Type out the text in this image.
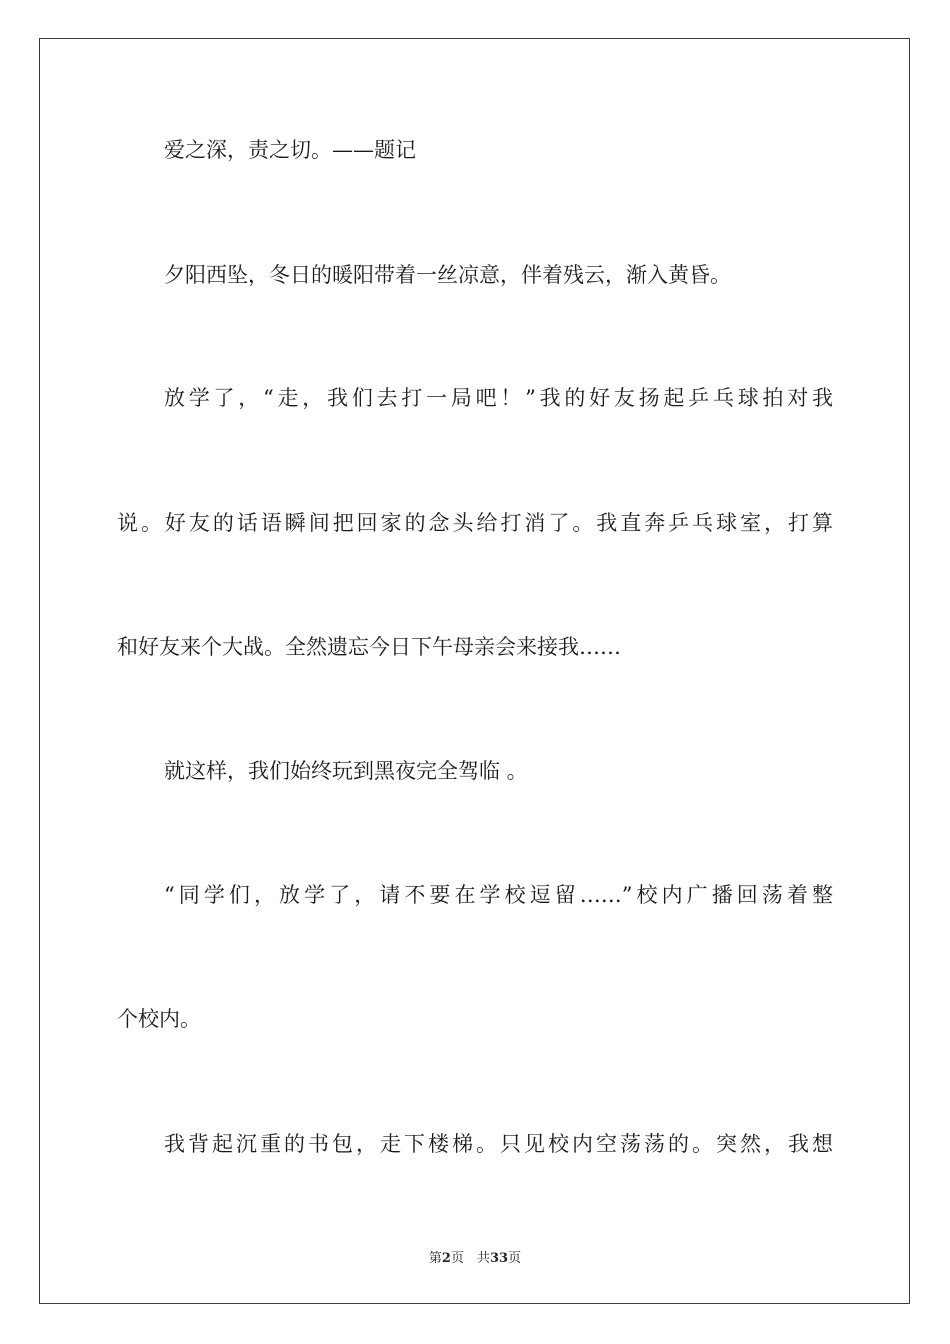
爱之深，责之切。——题记
夕阳西坠，冬日的暖阳带着一丝凉意，伴着残云，渐入黄昏。
放学了，“走，我们去打一局吧！”我的好友扬起乒乓球拍对我
说。好友的话语瞬间把回家的念头给打消了。我直奔乒乓球室，打算
和好友来个大战。全然遗忘今日下午母亲会来接我……
就这样，我们始终玩到黑夜完全驾临 。
“同学们，放学了，请不要在学校逗留……”校内广播回荡着整
个校内。
我背起沉重的书包，走下楼梯。只见校内空荡荡的。突然，我想
第2页　共33页
